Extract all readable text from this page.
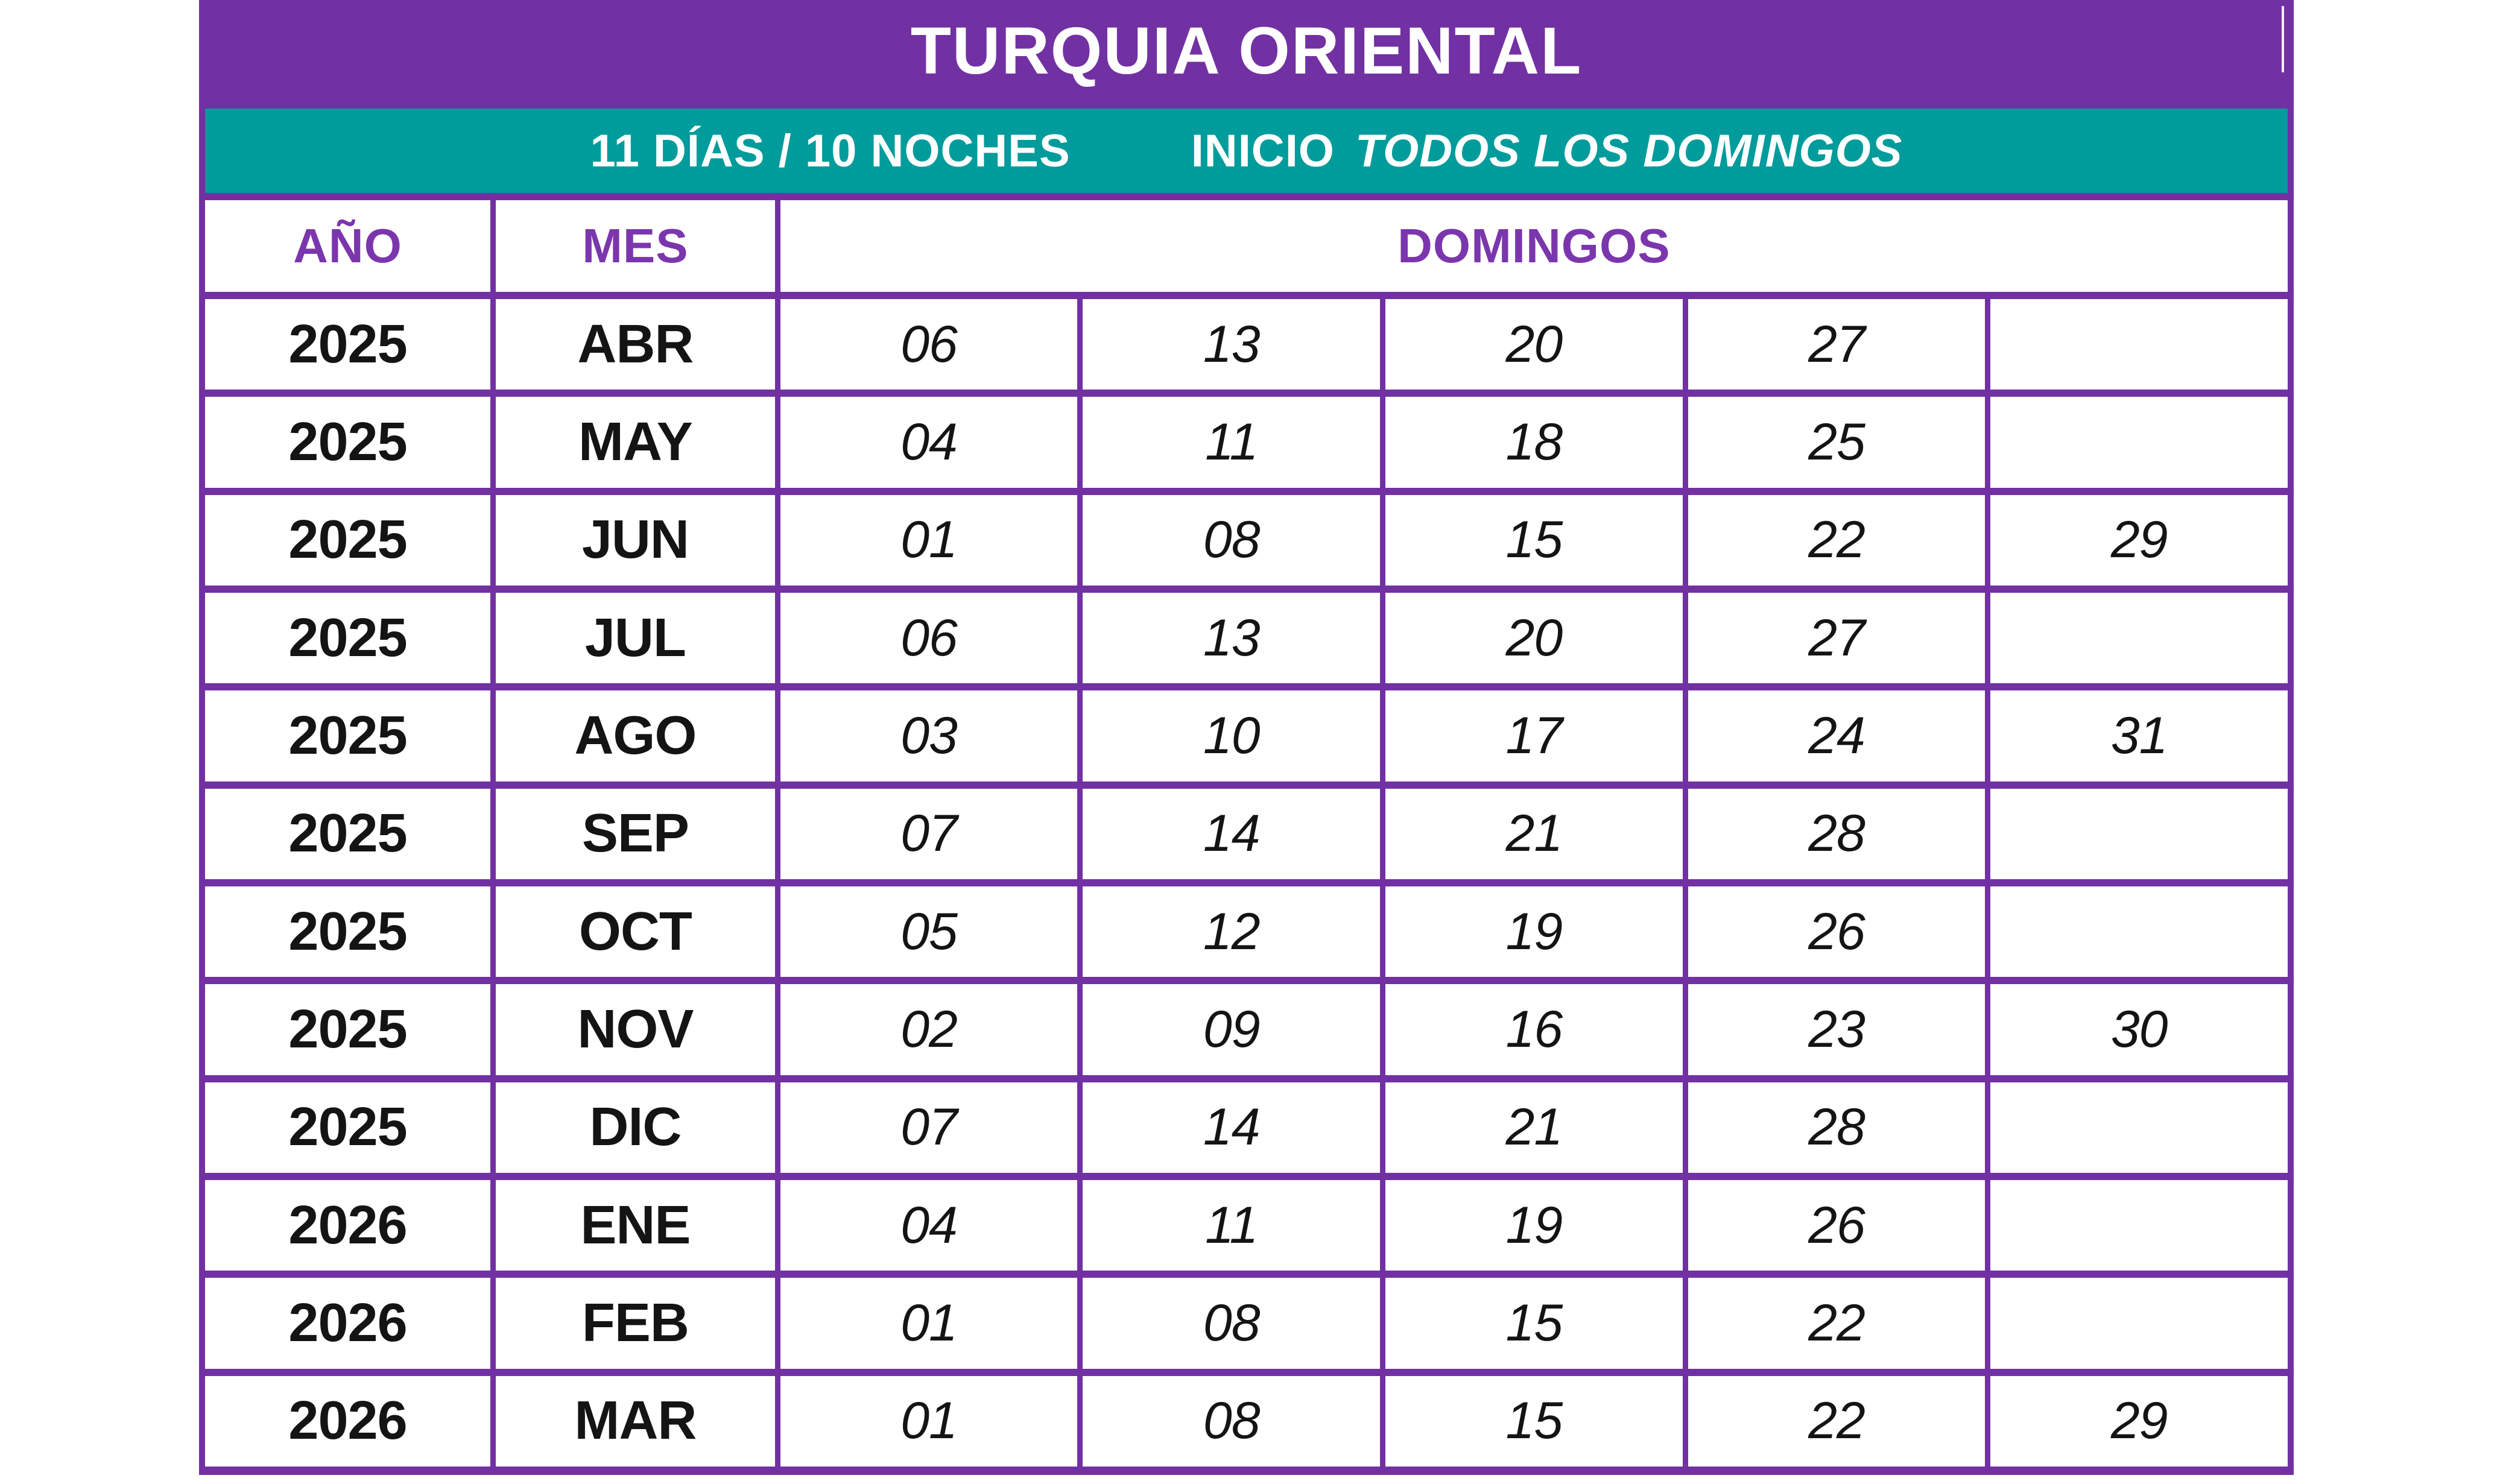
TURQUIA ORIENTAL
11 DÍAS / 10 NOCHES	INICIO TODOS LOS DOMINGOS
AÑO	MES	DOMINGOS
2025	ABR	06	13	20	27
2025	MAY	04	11	18	25
2025	JUN	01	08	15	22	29
2025	JUL	06	13	20	27
2025	AGO	03	10	17	24	31
2025	SEP	07	14	21	28
2025	OCT	05	12	19	26
2025	NOV	02	09	16	23	30
2025	DIC	07	14	21	28
2026	ENE	04	11	19	26
2026	FEB	01	08	15	22
2026	MAR	01	08	15	22	29
